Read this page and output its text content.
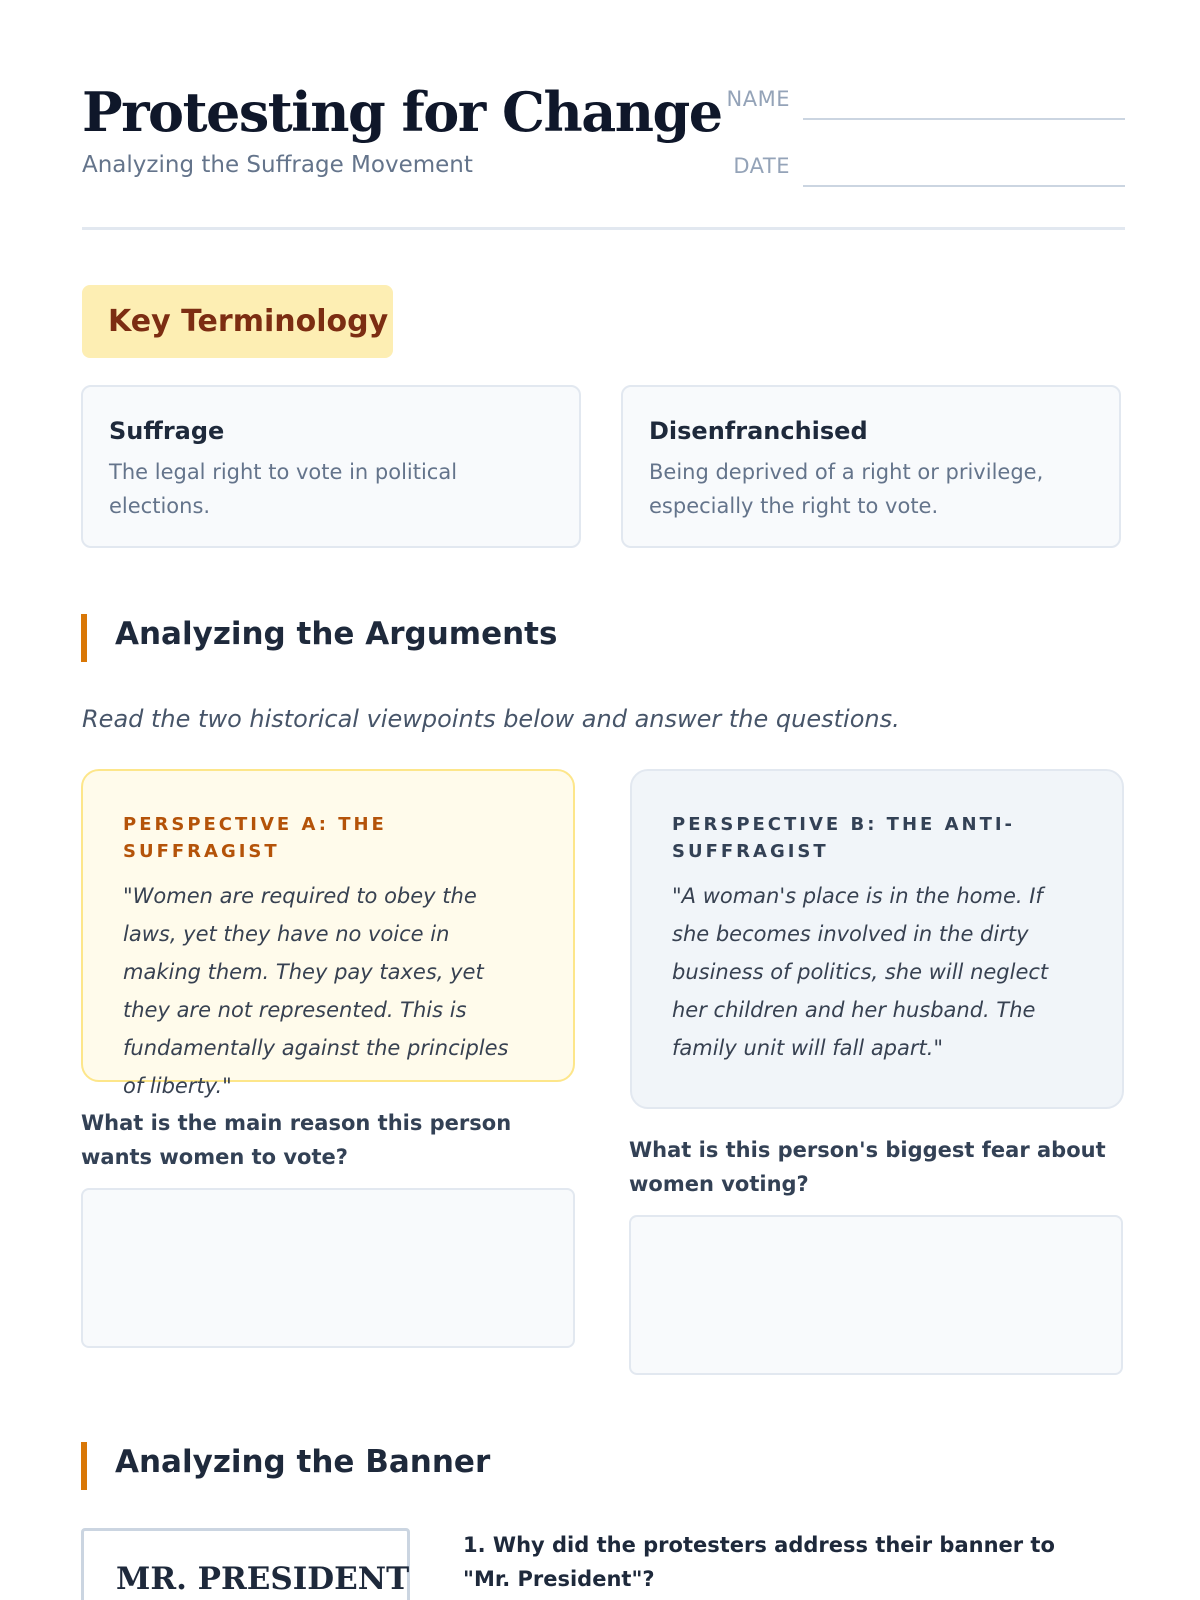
Protesting for Change
Analyzing the Suffrage Movement
NAME
DATE
Key Terminology
Suffrage
The legal right to vote in political elections.
Disenfranchised
Being deprived of a right or privilege, especially the right to vote.
Analyzing the Arguments

Read the two historical viewpoints below and answer the questions.

PERSPECTIVE A: THE SUFFRAGIST
"Women are required to obey the laws, yet they have no voice in making them. They pay taxes, yet they are not represented. This is fundamentally against the principles of liberty."
PERSPECTIVE B: THE ANTI-SUFFRAGIST
"A woman's place is in the home. If she becomes involved in the dirty business of politics, she will neglect her children and her husband. The family unit will fall apart."
What is the main reason this person wants women to vote?	What is this person's biggest fear about women voting?
Analyzing the Banner
MR. PRESIDENT
1. Why did the protesters address their banner to "Mr. President"?
